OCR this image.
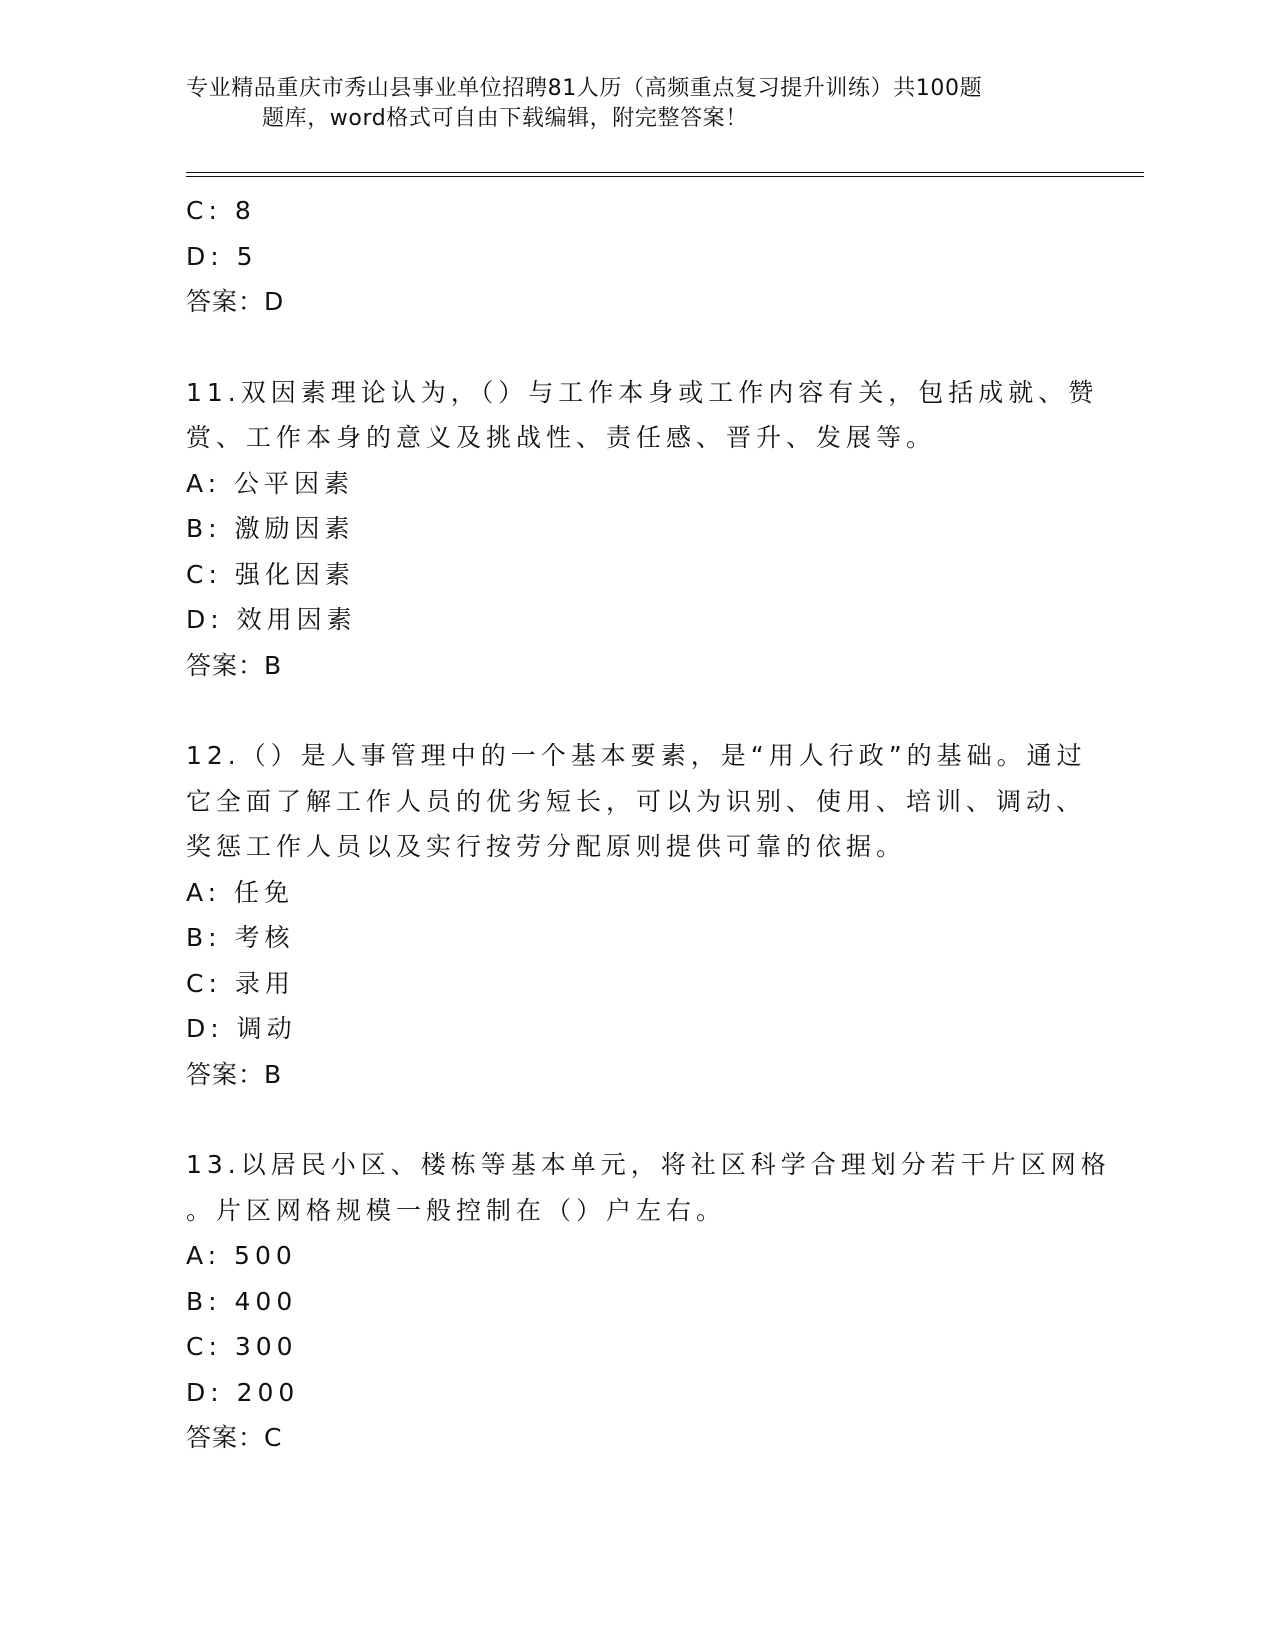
专业精品重庆市秀山县事业单位招聘81人历（高频重点复习提升训练）共100题
题库，word格式可自由下载编辑，附完整答案！
C: 8
D: 5
答案：D
11.双因素理论认为，（）与工作本身或工作内容有关，包括成就、赞
赏、工作本身的意义及挑战性、责任感、晋升、发展等。
A: 公平因素
B: 激励因素
C: 强化因素
D: 效用因素
答案：B
12.（）是人事管理中的一个基本要素，是“用人行政”的基础。通过
它全面了解工作人员的优劣短长，可以为识别、使用、培训、调动、
奖惩工作人员以及实行按劳分配原则提供可靠的依据。
A: 任免
B: 考核
C: 录用
D: 调动
答案：B
13.以居民小区、楼栋等基本单元，将社区科学合理划分若干片区网格
。片区网格规模一般控制在（）户左右。
A: 500
B: 400
C: 300
D: 200
答案：C
